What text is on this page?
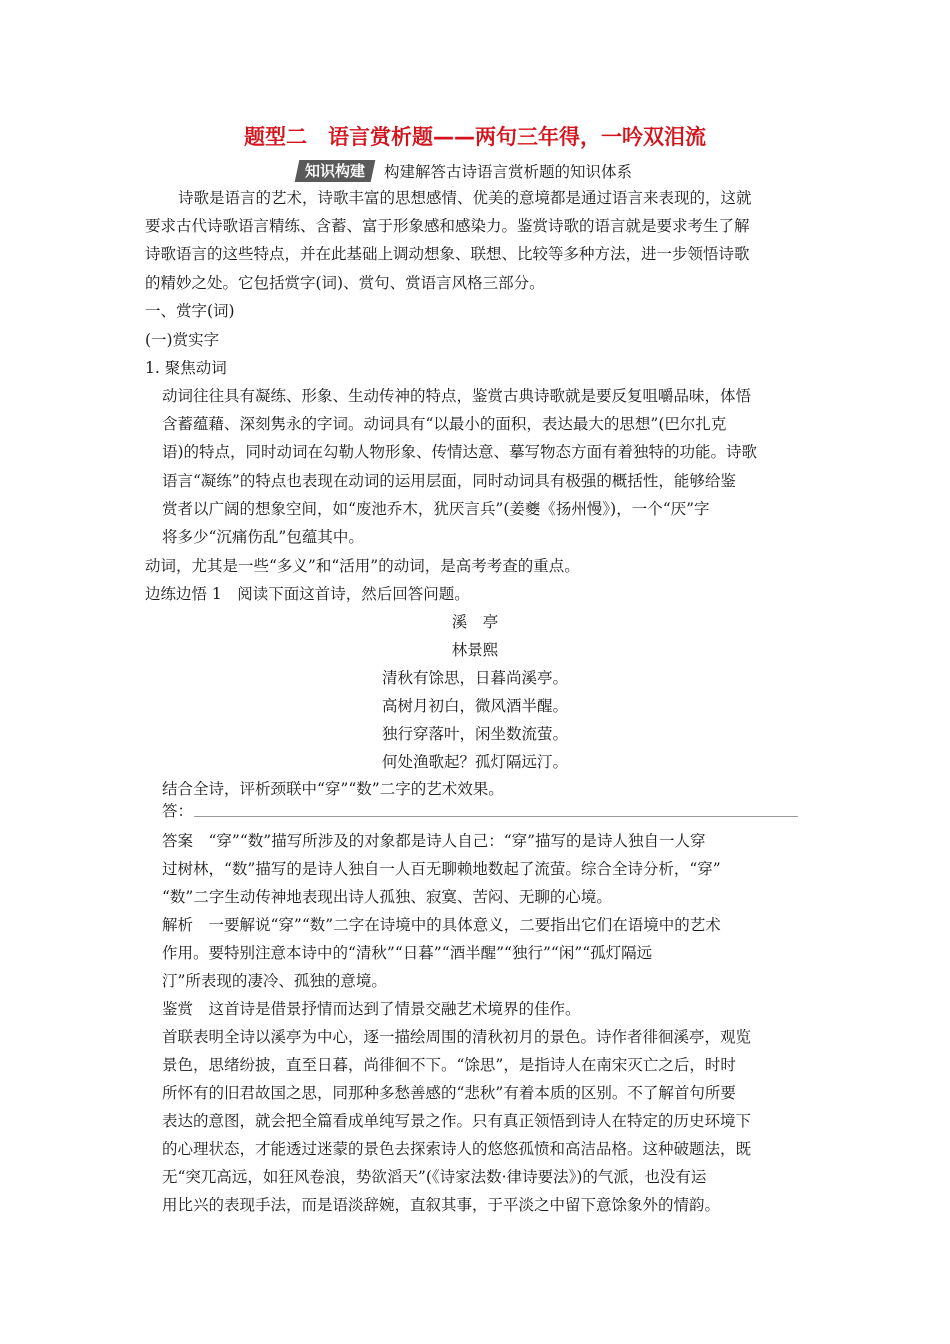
题型二　语言赏析题——两句三年得，一吟双泪流
知识构建	构建解答古诗语言赏析题的知识体系
诗歌是语言的艺术，诗歌丰富的思想感情、优美的意境都是通过语言来表现的，这就
要求古代诗歌语言精练、含蓄、富于形象感和感染力。鉴赏诗歌的语言就是要求考生了解
诗歌语言的这些特点，并在此基础上调动想象、联想、比较等多种方法，进一步领悟诗歌
的精妙之处。它包括赏字(词)、赏句、赏语言风格三部分。
一、赏字(词)
(一)赏实字
1. 聚焦动词
动词往往具有凝练、形象、生动传神的特点，鉴赏古典诗歌就是要反复咀嚼品味，体悟
含蓄蕴藉、深刻隽永的字词。动词具有“以最小的面积，表达最大的思想”(巴尔扎克
语)的特点，同时动词在勾勒人物形象、传情达意、摹写物态方面有着独特的功能。诗歌
语言“凝练”的特点也表现在动词的运用层面，同时动词具有极强的概括性，能够给鉴
赏者以广阔的想象空间，如“废池乔木，犹厌言兵”(姜夔《扬州慢》)，一个“厌”字
将多少“沉痛伤乱”包蕴其中。
动词，尤其是一些“多义”和“活用”的动词，是高考考查的重点。
边练边悟 1　阅读下面这首诗，然后回答问题。
溪　亭
林景熙
清秋有馀思，日暮尚溪亭。
高树月初白，微风酒半醒。
独行穿落叶，闲坐数流萤。
何处渔歌起？孤灯隔远汀。
结合全诗，评析颈联中“穿”“数”二字的艺术效果。
答：
答案　“穿”“数”描写所涉及的对象都是诗人自己：“穿”描写的是诗人独自一人穿
过树林，“数”描写的是诗人独自一人百无聊赖地数起了流萤。综合全诗分析，“穿”
“数”二字生动传神地表现出诗人孤独、寂寞、苦闷、无聊的心境。
解析　一要解说“穿”“数”二字在诗境中的具体意义，二要指出它们在语境中的艺术
作用。要特别注意本诗中的“清秋”“日暮”“酒半醒”“独行”“闲”“孤灯隔远
汀”所表现的凄冷、孤独的意境。
鉴赏　这首诗是借景抒情而达到了情景交融艺术境界的佳作。
首联表明全诗以溪亭为中心，逐一描绘周围的清秋初月的景色。诗作者徘徊溪亭，观览
景色，思绪纷披，直至日暮，尚徘徊不下。“馀思”，是指诗人在南宋灭亡之后，时时
所怀有的旧君故国之思，同那种多愁善感的“悲秋”有着本质的区别。不了解首句所要
表达的意图，就会把全篇看成单纯写景之作。只有真正领悟到诗人在特定的历史环境下
的心理状态，才能透过迷蒙的景色去探索诗人的悠悠孤愤和高洁品格。这种破题法，既
无“突兀高远，如狂风卷浪，势欲滔天”(《诗家法数·律诗要法》)的气派，也没有运
用比兴的表现手法，而是语淡辞婉，直叙其事，于平淡之中留下意馀象外的情韵。
